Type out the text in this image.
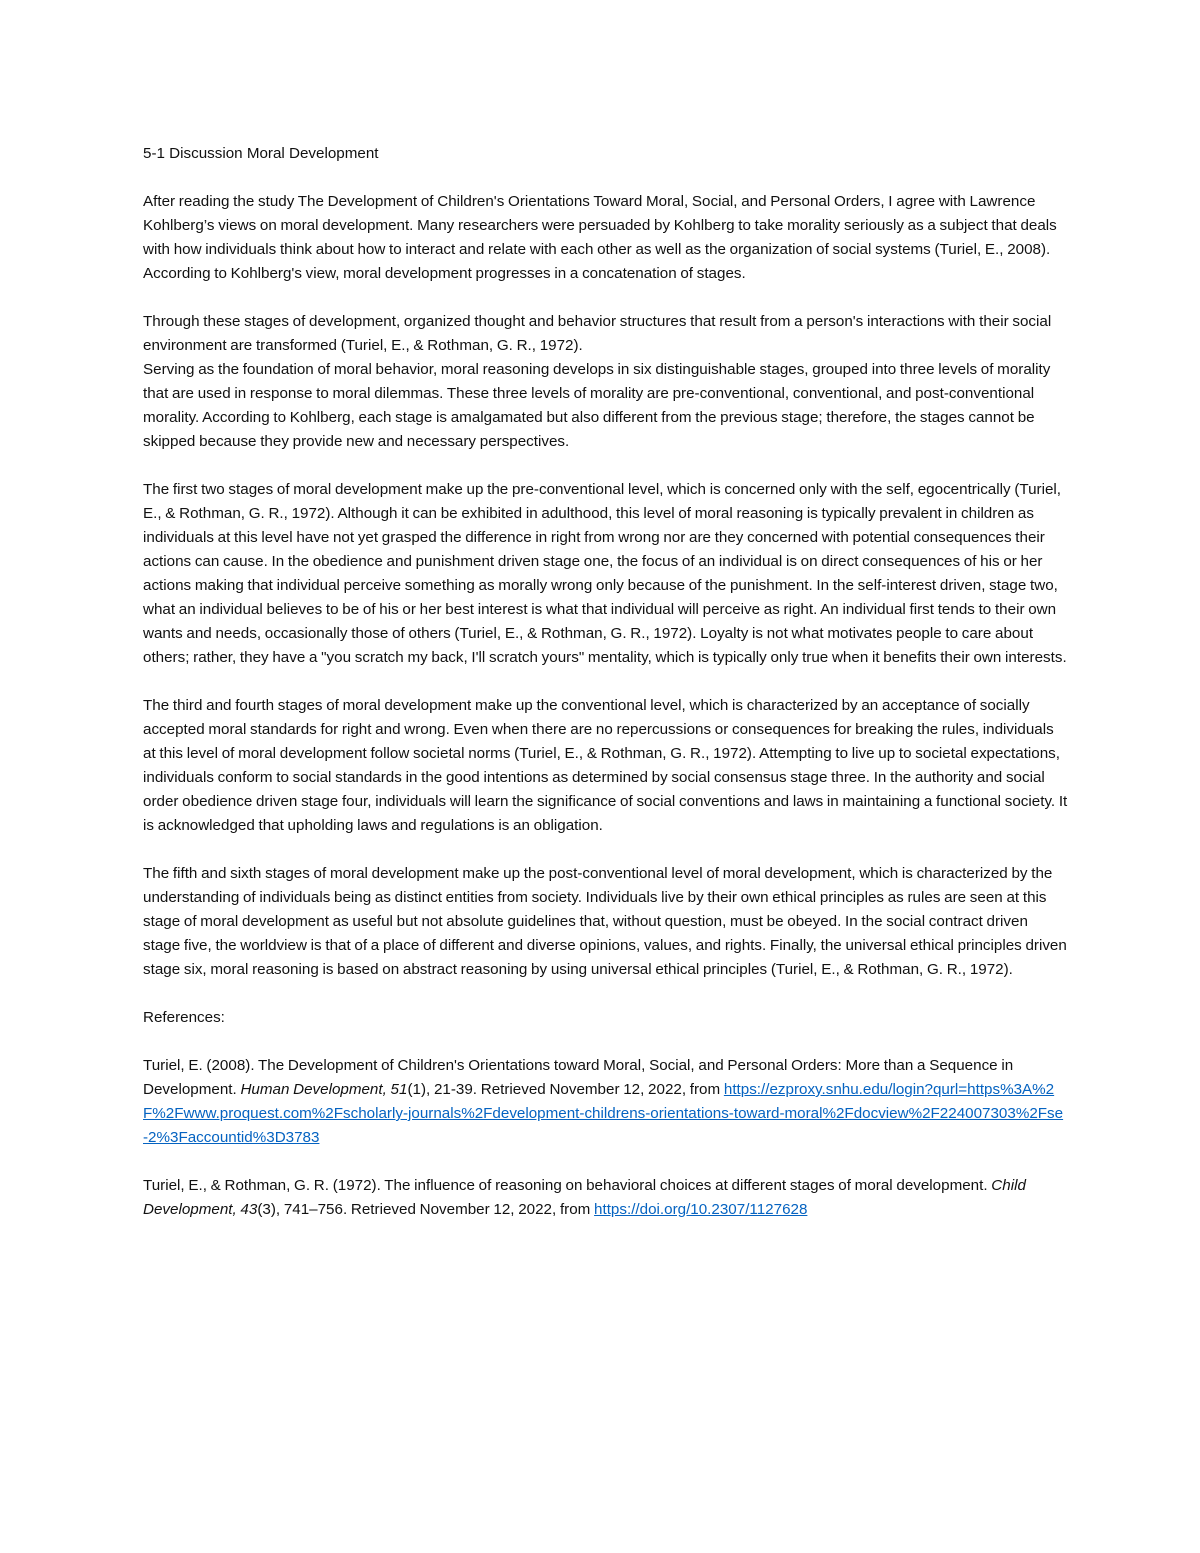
5-1 Discussion Moral Development

After reading the study The Development of Children's Orientations Toward Moral, Social, and Personal Orders, I agree with Lawrence Kohlberg’s views on moral development. Many researchers were persuaded by Kohlberg to take morality seriously as a subject that deals with how individuals think about how to interact and relate with each other as well as the organization of social systems (Turiel, E., 2008). According to Kohlberg's view, moral development progresses in a concatenation of stages.

Through these stages of development, organized thought and behavior structures that result from a person's interactions with their social environment are transformed (Turiel, E., & Rothman, G. R., 1972).

Serving as the foundation of moral behavior, moral reasoning develops in six distinguishable stages, grouped into three levels of morality that are used in response to moral dilemmas. These three levels of morality are pre-conventional, conventional, and post-conventional morality. According to Kohlberg, each stage is amalgamated but also different from the previous stage; therefore, the stages cannot be skipped because they provide new and necessary perspectives.

The first two stages of moral development make up the pre-conventional level, which is concerned only with the self, egocentrically (Turiel, E., & Rothman, G. R., 1972). Although it can be exhibited in adulthood, this level of moral reasoning is typically prevalent in children as individuals at this level have not yet grasped the difference in right from wrong nor are they concerned with potential consequences their actions can cause. In the obedience and punishment driven stage one, the focus of an individual is on direct consequences of his or her actions making that individual perceive something as morally wrong only because of the punishment. In the self-interest driven, stage two, what an individual believes to be of his or her best interest is what that individual will perceive as right. An individual first tends to their own wants and needs, occasionally those of others (Turiel, E., & Rothman, G. R., 1972). Loyalty is not what motivates people to care about others; rather, they have a "you scratch my back, I'll scratch yours" mentality, which is typically only true when it benefits their own interests.

The third and fourth stages of moral development make up the conventional level, which is characterized by an acceptance of socially accepted moral standards for right and wrong. Even when there are no repercussions or consequences for breaking the rules, individuals at this level of moral development follow societal norms (Turiel, E., & Rothman, G. R., 1972). Attempting to live up to societal expectations, individuals conform to social standards in the good intentions as determined by social consensus stage three. In the authority and social order obedience driven stage four, individuals will learn the significance of social conventions and laws in maintaining a functional society. It is acknowledged that upholding laws and regulations is an obligation.

The fifth and sixth stages of moral development make up the post-conventional level of moral development, which is characterized by the understanding of individuals being as distinct entities from society. Individuals live by their own ethical principles as rules are seen at this stage of moral development as useful but not absolute guidelines that, without question, must be obeyed. In the social contract driven stage five, the worldview is that of a place of different and diverse opinions, values, and rights. Finally, the universal ethical principles driven stage six, moral reasoning is based on abstract reasoning by using universal ethical principles (Turiel, E., & Rothman, G. R., 1972).

References:
Turiel, E. (2008). The Development of Children's Orientations toward Moral, Social, and Personal Orders: More than a Sequence in Development. Human Development, 51(1), 21-39. Retrieved November 12, 2022, from https://ezproxy.snhu.edu/login?qurl=https%3A%2F%2Fwww.proquest.com%2Fscholarly-journals%2Fdevelopment-childrens-orientations-toward-moral%2Fdocview%2F224007303%2Fse-2%3Faccountid%3D3783
Turiel, E., & Rothman, G. R. (1972). The influence of reasoning on behavioral choices at different stages of moral development. Child Development, 43(3), 741–756. Retrieved November 12, 2022, from https://doi.org/10.2307/1127628
